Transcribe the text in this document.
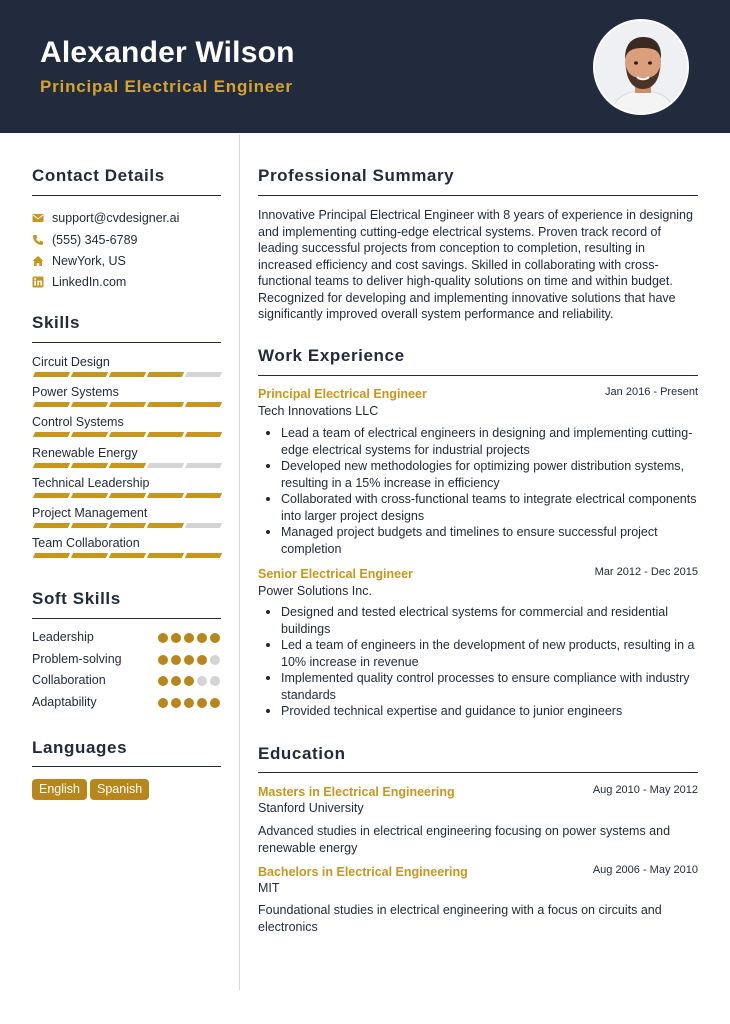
Alexander Wilson
Principal Electrical Engineer
Contact Details
support@cvdesigner.ai
(555) 345-6789
NewYork, US
LinkedIn.com
Skills
Circuit Design
Power Systems
Control Systems
Renewable Energy
Technical Leadership
Project Management
Team Collaboration
Soft Skills
Leadership
Problem-solving
Collaboration
Adaptability
Languages
English	Spanish
Professional Summary
Innovative Principal Electrical Engineer with 8 years of experience in designing and implementing cutting-edge electrical systems. Proven track record of leading successful projects from conception to completion, resulting in increased efficiency and cost savings. Skilled in collaborating with cross-functional teams to deliver high-quality solutions on time and within budget. Recognized for developing and implementing innovative solutions that have significantly improved overall system performance and reliability.
Work Experience
Principal Electrical Engineer	Jan 2016 - Present
Tech Innovations LLC
Lead a team of electrical engineers in designing and implementing cutting-edge electrical systems for industrial projects
Developed new methodologies for optimizing power distribution systems, resulting in a 15% increase in efficiency
Collaborated with cross-functional teams to integrate electrical components into larger project designs
Managed project budgets and timelines to ensure successful project completion
Senior Electrical Engineer	Mar 2012 - Dec 2015
Power Solutions Inc.
Designed and tested electrical systems for commercial and residential buildings
Led a team of engineers in the development of new products, resulting in a 10% increase in revenue
Implemented quality control processes to ensure compliance with industry standards
Provided technical expertise and guidance to junior engineers
Education
Masters in Electrical Engineering	Aug 2010 - May 2012
Stanford University
Advanced studies in electrical engineering focusing on power systems and renewable energy
Bachelors in Electrical Engineering	Aug 2006 - May 2010
MIT
Foundational studies in electrical engineering with a focus on circuits and electronics
